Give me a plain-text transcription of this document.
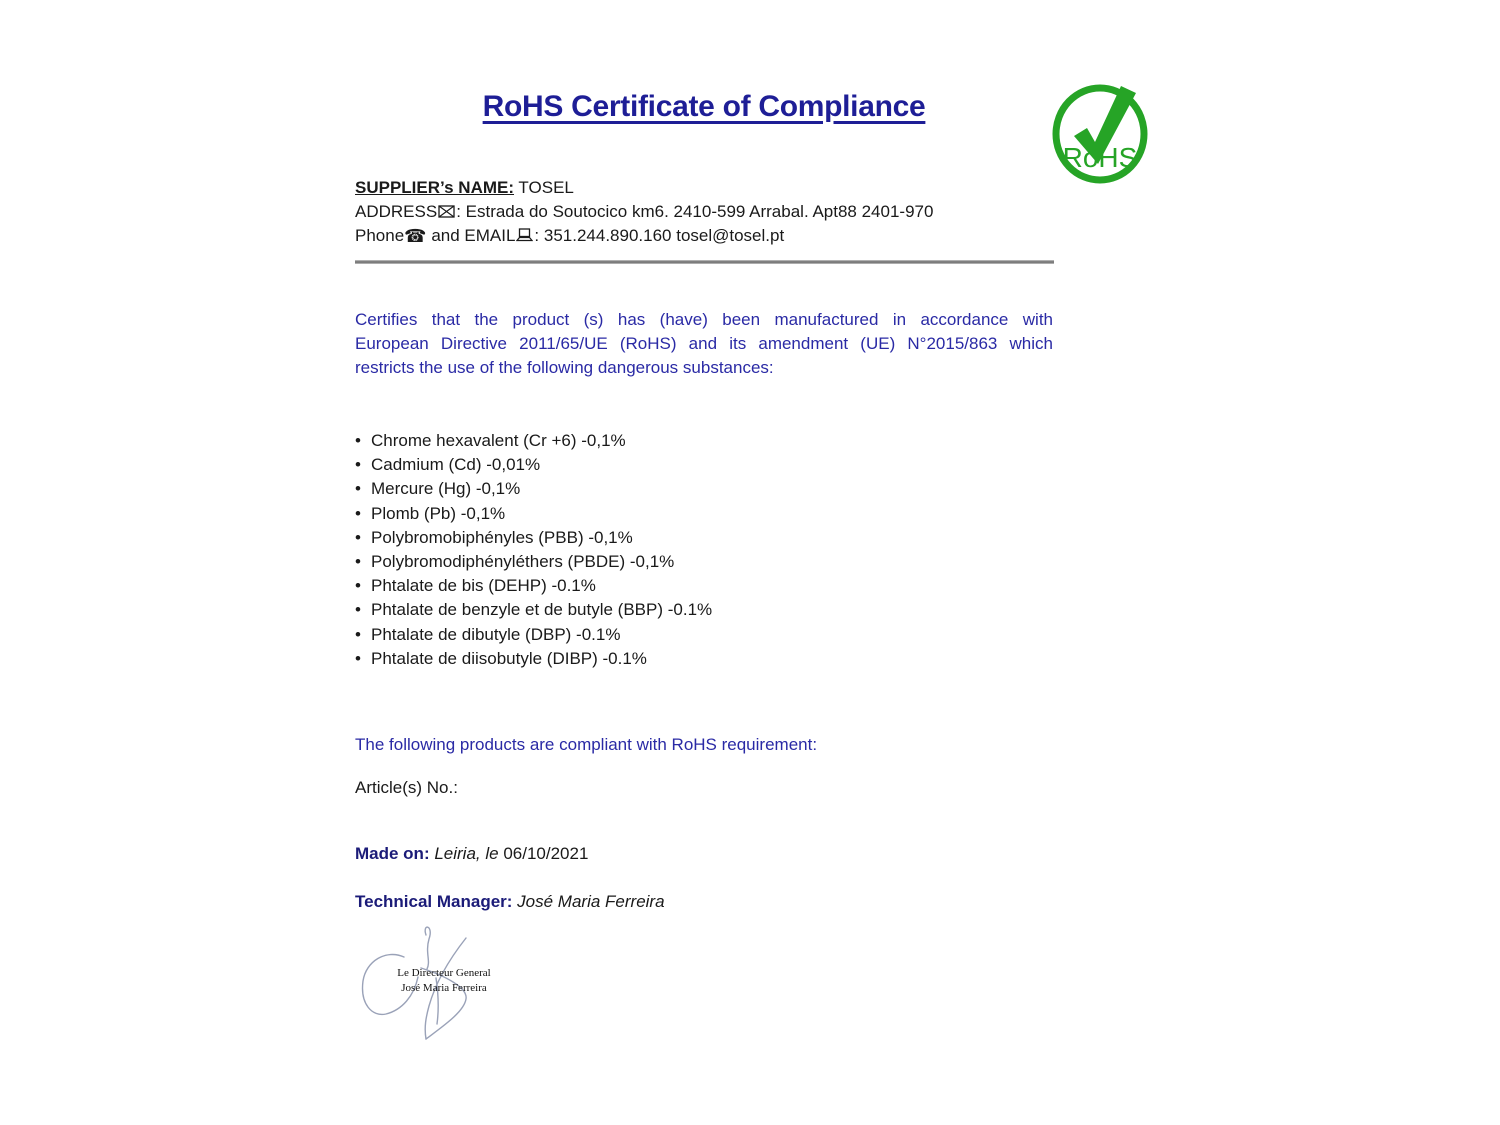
RoHS Certificate of Compliance
RoHS
SUPPLIER’s NAME: TOSEL
ADDRESS : Estrada do Soutocico km6. 2410-599 Arrabal. Apt88 2401-970
Phone☎ and EMAIL : 351.244.890.160 tosel@tosel.pt
Certifies that the product (s) has (have) been manufactured in accordance with
European Directive 2011/65/UE (RoHS) and its amendment (UE) N°2015/863 which
restricts the use of the following dangerous substances:
• Chrome hexavalent (Cr +6) -0,1%
• Cadmium (Cd) -0,01%
• Mercure (Hg) -0,1%
• Plomb (Pb) -0,1%
• Polybromobiphényles (PBB) -0,1%
• Polybromodiphényléthers (PBDE) -0,1%
• Phtalate de bis (DEHP) -0.1%
• Phtalate de benzyle et de butyle (BBP) -0.1%
• Phtalate de dibutyle (DBP) -0.1%
• Phtalate de diisobutyle (DIBP) -0.1%
The following products are compliant with RoHS requirement:
Article(s) No.:
Made on: Leiria, le 06/10/2021
Technical Manager: José Maria Ferreira
Le Directeur General
José Maria Ferreira
